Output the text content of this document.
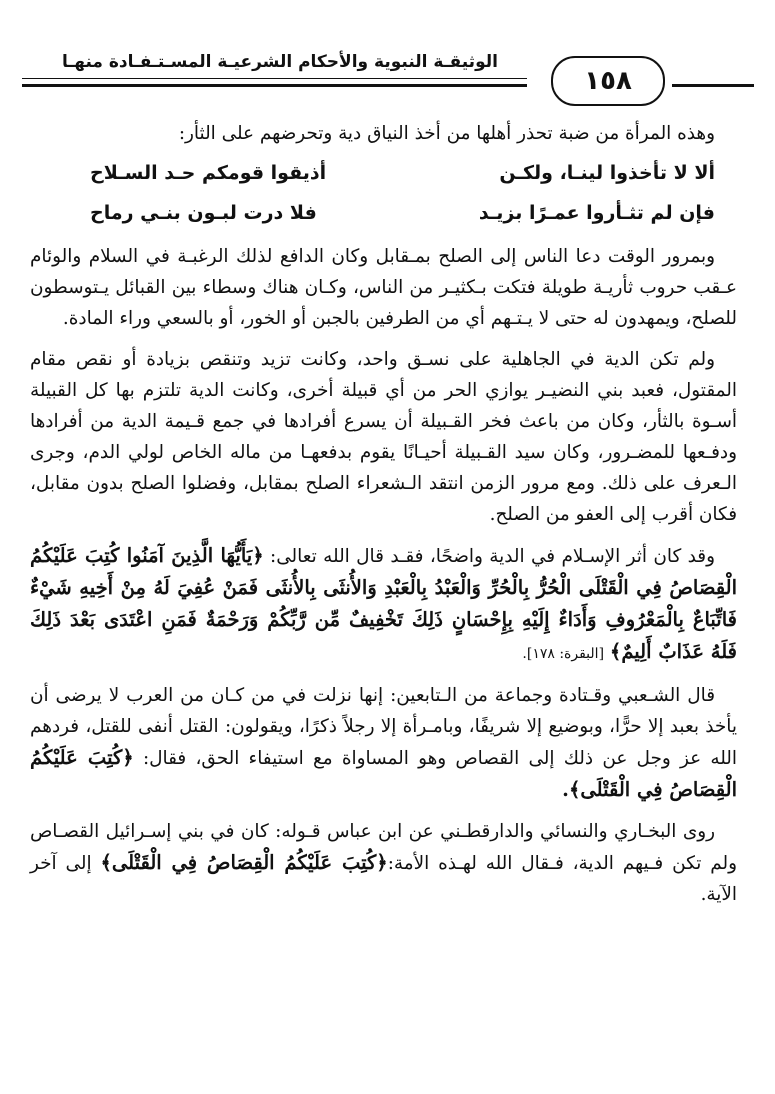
الوثيقـة النبوية والأحكام الشرعيـة المسـتـفـادة منهـا
١٥٨

وهذه المرأة من ضبة تحذر أهلها من أخذ النياق دية وتحرضهم على الثأر:

ألا لا تأخذوا لينـا، ولكـن
أذيقوا قومكم حـد السـلاح
فإن لم تثـأروا عمـرًا بزيـد
فلا درت لبـون بنـي رماح

وبمرور الوقت دعا الناس إلى الصلح بمـقابل وكان الدافع لذلك الرغبـة في السلام والوئام عـقب حروب ثأريـة طويلة فتكت بـكثيـر من الناس، وكـان هناك وسطاء بين القبائل يـتوسطون للصلح، ويمهدون له حتى لا يـتـهم أي من الطرفين بالجبن أو الخور، أو بالسعي وراء المادة.

ولم تكن الدية في الجاهلية على نسـق واحد، وكانت تزيد وتنقص بزيادة أو نقص مقام المقتول، فعبد بني النضيـر يوازي الحر من أي قبيلة أخرى، وكانت الدية تلتزم بها كل القبيلة أسـوة بالثأر، وكان من باعث فخر القـبيلة أن يسرع أفرادها في جمع قـيمة الدية من أفرادها ودفـعها للمضـرور، وكان سيد القـبيلة أحيـانًا يقوم بدفعهـا من ماله الخاص لولي الدم، وجرى الـعرف على ذلك. ومع مرور الزمن انتقد الـشعراء الصلح بمقابل، وفضلوا الصلح بدون مقابل، فكان أقرب إلى العفو من الصلح.

وقد كان أثر الإسـلام في الدية واضحًا، فقـد قال الله تعالى: ﴿يَأَيُّهَا الَّذِينَ آمَنُوا كُتِبَ عَلَيْكُمُ الْقِصَاصُ فِي الْقَتْلَى الْحُرُّ بِالْحُرِّ وَالْعَبْدُ بِالْعَبْدِ وَالأُنثَى بِالأُنثَى فَمَنْ عُفِيَ لَهُ مِنْ أَخِيهِ شَيْءٌ فَاتِّبَاعٌ بِالْمَعْرُوفِ وَأَدَاءٌ إِلَيْهِ بِإِحْسَانٍ ذَلِكَ تَخْفِيفٌ مِّن رَّبِّكُمْ وَرَحْمَةٌ فَمَنِ اعْتَدَى بَعْدَ ذَلِكَ فَلَهُ عَذَابٌ أَلِيمٌ﴾ [البقرة: ١٧٨].

قال الشـعبي وقـتادة وجماعة من الـتابعين: إنها نزلت في من كـان من العرب لا يرضى أن يأخذ بعبد إلا حرًّا، وبوضيع إلا شريفًا، وبامـرأة إلا رجلاً ذكرًا، ويقولون: القتل أنفى للقتل، فردهم الله عز وجل عن ذلك إلى القصاص وهو المساواة مع استيفاء الحق، فقال: ﴿كُتِبَ عَلَيْكُمُ الْقِصَاصُ فِي الْقَتْلَى﴾.

روى البخـاري والنسائي والدارقطـني عن ابن عباس قـوله: كان في بني إسـرائيل القصـاص ولم تكن فـيهم الدية، فـقال الله لهـذه الأمة:﴿كُتِبَ عَلَيْكُمُ الْقِصَاصُ فِي الْقَتْلَى﴾ إلى آخر الآية.
